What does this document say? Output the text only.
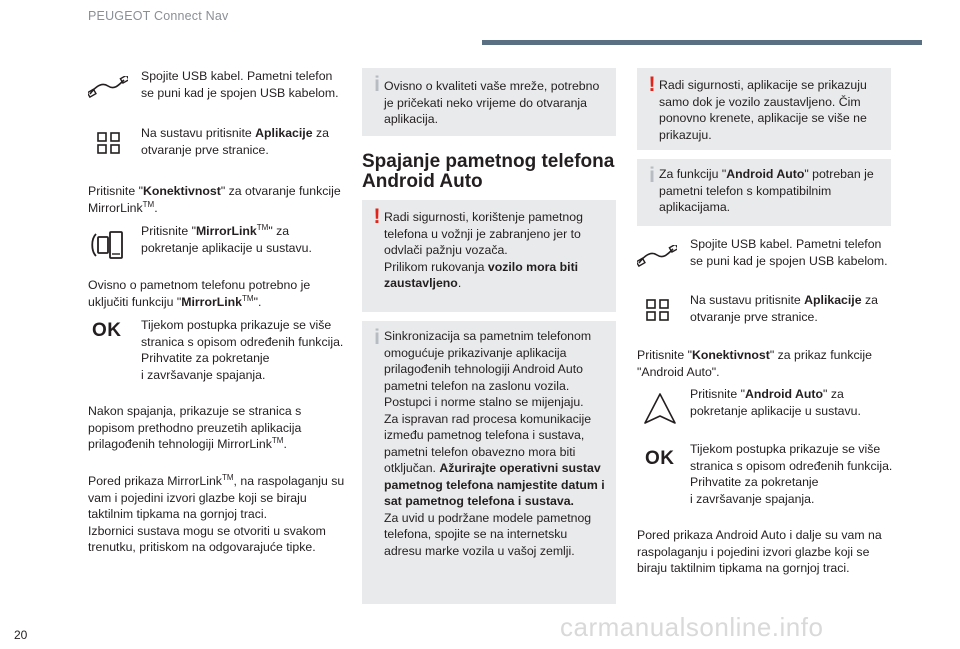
PEUGEOT Connect Nav
Spojite USB kabel. Pametni telefon se puni kad je spojen USB kabelom.
Na sustavu pritisnite Aplikacije za otvaranje prve stranice.
Pritisnite "Konektivnost" za otvaranje funkcije MirrorLink™.
Pritisnite "MirrorLink™" za pokretanje aplikacije u sustavu.
Ovisno o pametnom telefonu potrebno je uključiti funkciju "MirrorLink™".
OK Tijekom postupka prikazuje se više stranica s opisom određenih funkcija.
Prihvatite za pokretanje
i završavanje spajanja.
Nakon spajanja, prikazuje se stranica s popisom prethodno preuzetih aplikacija prilagođenih tehnologiji MirrorLink™.
Pored prikaza MirrorLink™, na raspolaganju su vam i pojedini izvori glazbe koji se biraju taktilnim tipkama na gornjoj traci.
Izbornici sustava mogu se otvoriti u svakom trenutku, pritiskom na odgovarajuće tipke.
i Ovisno o kvaliteti vaše mreže, potrebno je pričekati neko vrijeme do otvaranja aplikacija.
Spajanje pametnog telefona Android Auto
! Radi sigurnosti, korištenje pametnog telefona u vožnji je zabranjeno jer to odvlači pažnju vozača.
Prilikom rukovanja vozilo mora biti zaustavljeno.
i Sinkronizacija sa pametnim telefonom omogućuje prikazivanje aplikacija prilagođenih tehnologiji Android Auto pametni telefon na zaslonu vozila.
Postupci i norme stalno se mijenjaju.
Za ispravan rad procesa komunikacije između pametnog telefona i sustava, pametni telefon obavezno mora biti otključan. Ažurirajte operativni sustav pametnog telefona namjestite datum i sat pametnog telefona i sustava.
Za uvid u podržane modele pametnog telefona, spojite se na internetsku adresu marke vozila u vašoj zemlji.
! Radi sigurnosti, aplikacije se prikazuju samo dok je vozilo zaustavljeno. Čim ponovno krenete, aplikacije se više ne prikazuju.
i Za funkciju "Android Auto" potreban je pametni telefon s kompatibilnim aplikacijama.
Spojite USB kabel. Pametni telefon se puni kad je spojen USB kabelom.
Na sustavu pritisnite Aplikacije za otvaranje prve stranice.
Pritisnite "Konektivnost" za prikaz funkcije "Android Auto".
Pritisnite "Android Auto" za pokretanje aplikacije u sustavu.
OK Tijekom postupka prikazuje se više stranica s opisom određenih funkcija.
Prihvatite za pokretanje
i završavanje spajanja.
Pored prikaza Android Auto i dalje su vam na raspolaganju i pojedini izvori glazbe koji se biraju taktilnim tipkama na gornjoj traci.
20	carmanualsonline.info
